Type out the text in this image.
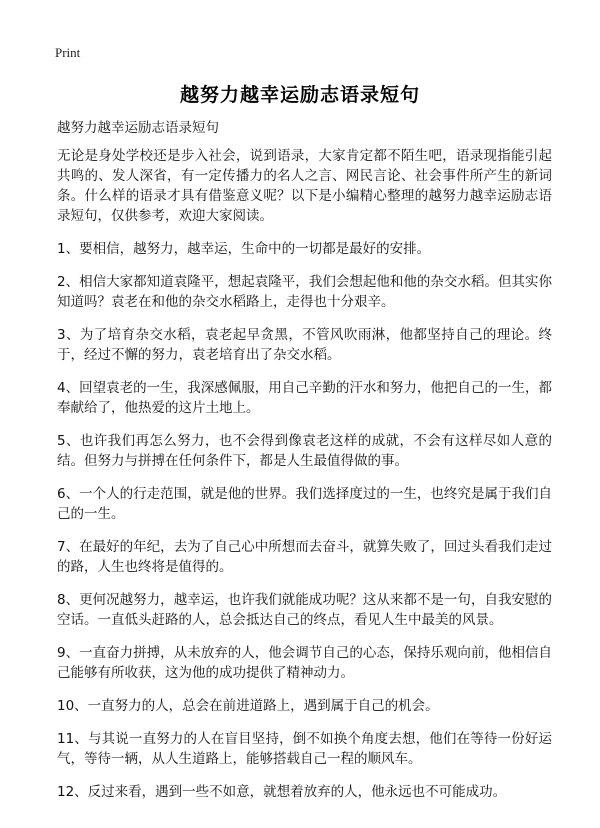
Print
越努力越幸运励志语录短句

越努力越幸运励志语录短句

无论是身处学校还是步入社会，说到语录，大家肯定都不陌生吧，语录现指能引起共鸣的、发人深省，有一定传播力的名人之言、网民言论、社会事件所产生的新词条。什么样的语录才具有借鉴意义呢？以下是小编精心整理的越努力越幸运励志语录短句，仅供参考，欢迎大家阅读。

1、要相信，越努力，越幸运，生命中的一切都是最好的安排。

2、相信大家都知道袁隆平，想起袁隆平，我们会想起他和他的杂交水稻。但其实你知道吗？袁老在和他的杂交水稻路上，走得也十分艰辛。

3、为了培育杂交水稻，袁老起早贪黑，不管风吹雨淋，他都坚持自己的理论。终于，经过不懈的努力，袁老培育出了杂交水稻。

4、回望袁老的一生，我深感佩服，用自己辛勤的汗水和努力，他把自己的一生，都奉献给了，他热爱的这片土地上。

5、也许我们再怎么努力，也不会得到像袁老这样的成就，不会有这样尽如人意的结。但努力与拼搏在任何条件下，都是人生最值得做的事。

6、一个人的行走范围，就是他的世界。我们选择度过的一生，也终究是属于我们自己的一生。

7、在最好的年纪，去为了自己心中所想而去奋斗，就算失败了，回过头看我们走过的路，人生也终将是值得的。

8、更何况越努力，越幸运，也许我们就能成功呢？这从来都不是一句，自我安慰的空话。一直低头赶路的人，总会抵达自己的终点，看见人生中最美的风景。

9、一直奋力拼搏，从未放弃的人，他会调节自己的心态，保持乐观向前，他相信自己能够有所收获，这为他的成功提供了精神动力。

10、一直努力的人，总会在前进道路上，遇到属于自己的机会。

11、与其说一直努力的人在盲目坚持，倒不如换个角度去想，他们在等待一份好运气，等待一辆，从人生道路上，能够搭载自己一程的顺风车。

12、反过来看，遇到一些不如意，就想着放弃的人，他永远也不可能成功。
